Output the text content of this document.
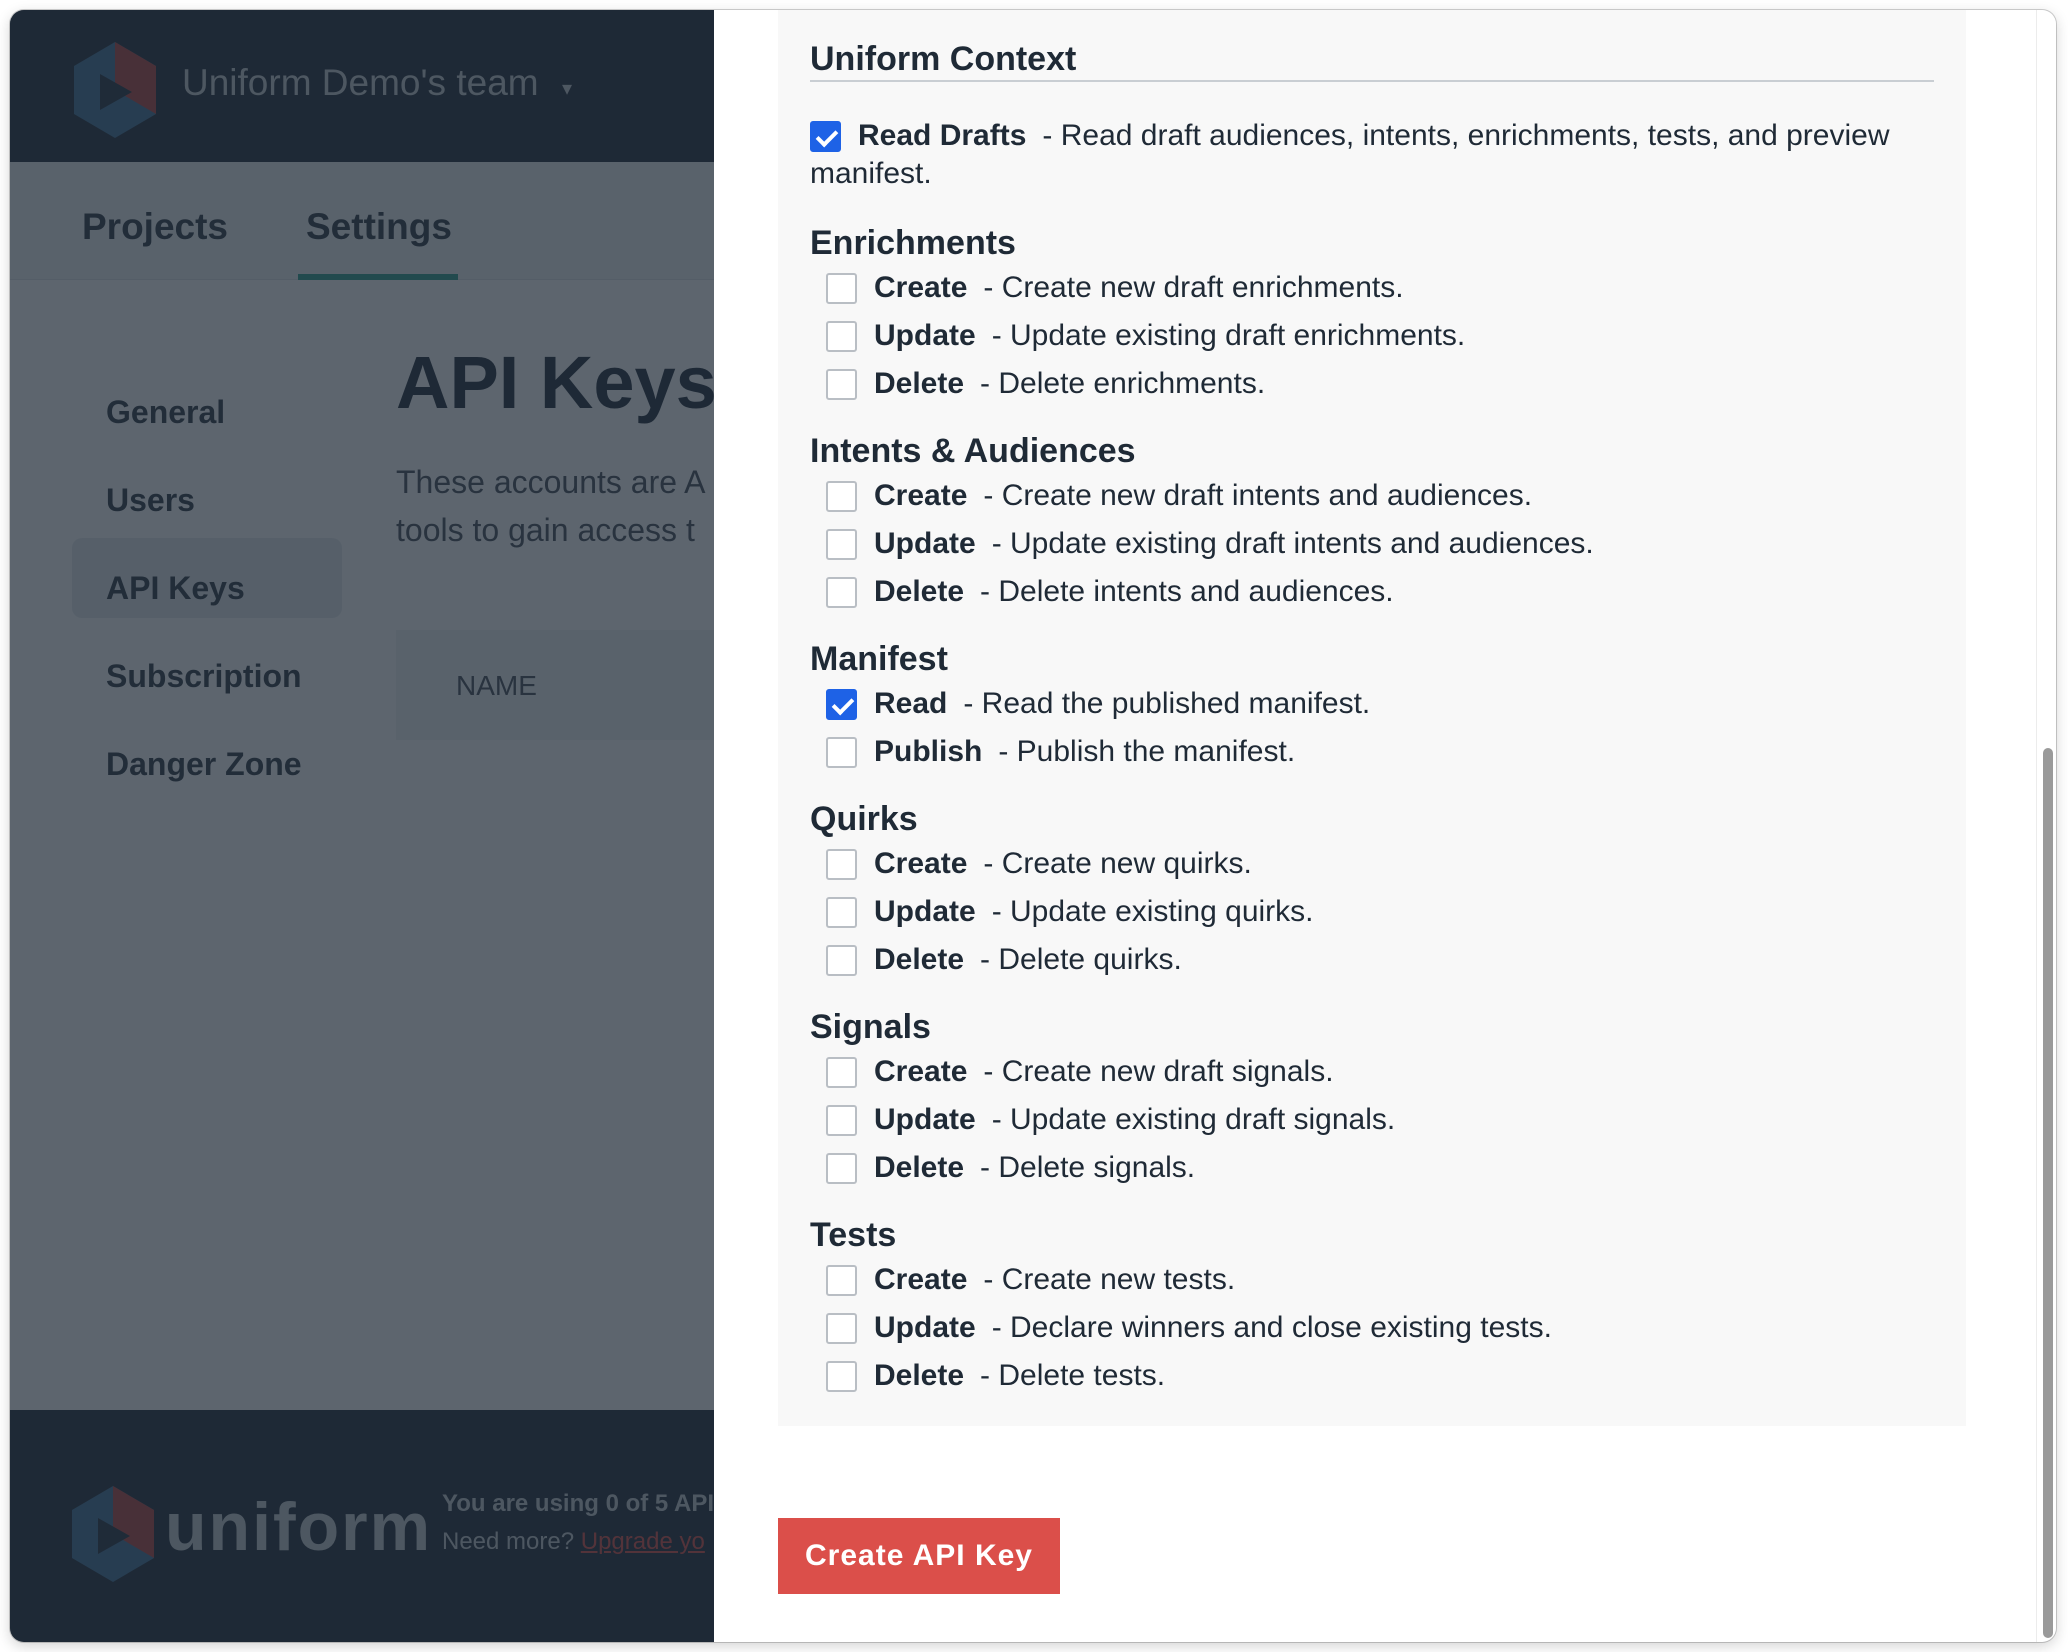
Uniform Context
Read Drafts - Read draft audiences, intents, enrichments, tests, and preview
manifest.
Enrichments
Create - Create new draft enrichments.
Update - Update existing draft enrichments.
Delete - Delete enrichments.
Intents & Audiences
Create - Create new draft intents and audiences.
Update - Update existing draft intents and audiences.
Delete - Delete intents and audiences.
Manifest
Read - Read the published manifest.
Publish - Publish the manifest.
Quirks
Create - Create new quirks.
Update - Update existing quirks.
Delete - Delete quirks.
Signals
Create - Create new draft signals.
Update - Update existing draft signals.
Delete - Delete signals.
Tests
Create - Create new tests.
Update - Declare winners and close existing tests.
Delete - Delete tests.
Create API Key
